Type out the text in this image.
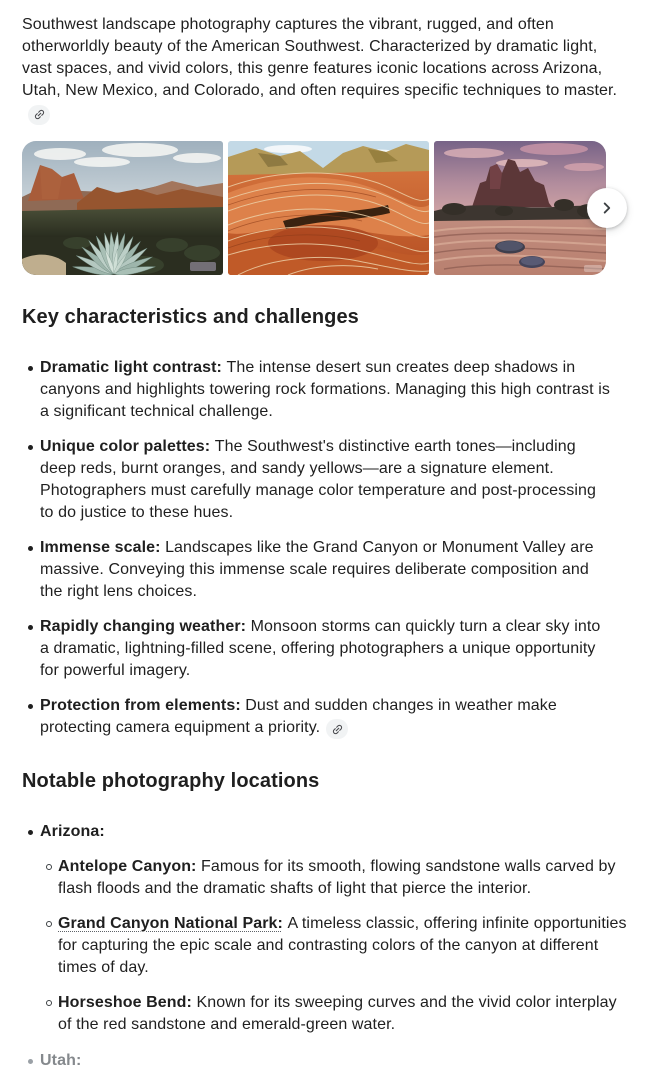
Southwest landscape photography captures the vibrant, rugged, and often otherworldly beauty of the American Southwest. Characterized by dramatic light, vast spaces, and vivid colors, this genre features iconic locations across Arizona, Utah, New Mexico, and Colorado, and often requires specific techniques to master.

Key characteristics and challenges

Dramatic light contrast: The intense desert sun creates deep shadows in canyons and highlights towering rock formations. Managing this high contrast is a significant technical challenge.

Unique color palettes: The Southwest's distinctive earth tones—including deep reds, burnt oranges, and sandy yellows—are a signature element. Photographers must carefully manage color temperature and post-processing to do justice to these hues.

Immense scale: Landscapes like the Grand Canyon or Monument Valley are massive. Conveying this immense scale requires deliberate composition and the right lens choices.

Rapidly changing weather: Monsoon storms can quickly turn a clear sky into a dramatic, lightning-filled scene, offering photographers a unique opportunity for powerful imagery.

Protection from elements: Dust and sudden changes in weather make protecting camera equipment a priority.

Notable photography locations

Arizona:

Antelope Canyon: Famous for its smooth, flowing sandstone walls carved by flash floods and the dramatic shafts of light that pierce the interior.

Grand Canyon National Park: A timeless classic, offering infinite opportunities for capturing the epic scale and contrasting colors of the canyon at different times of day.

Horseshoe Bend: Known for its sweeping curves and the vivid color interplay of the red sandstone and emerald-green water.

Utah:
